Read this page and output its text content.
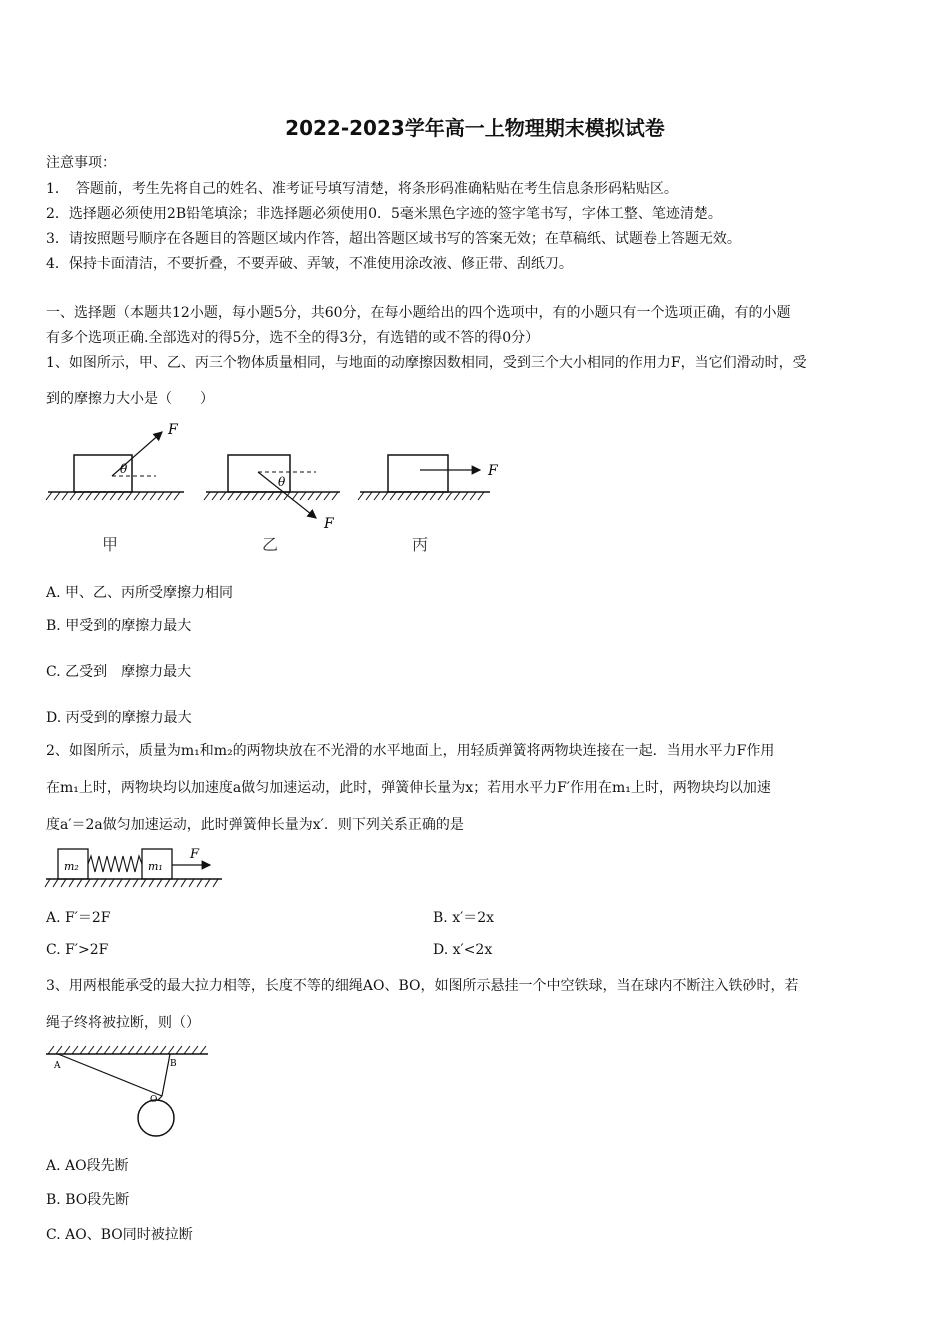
2022-2023学年高一上物理期末模拟试卷
注意事项：
1．　答题前，考生先将自己的姓名、准考证号填写清楚，将条形码准确粘贴在考生信息条形码粘贴区。
2．选择题必须使用2B铅笔填涂；非选择题必须使用0．5毫米黑色字迹的签字笔书写，字体工整、笔迹清楚。
3．请按照题号顺序在各题目的答题区域内作答，超出答题区域书写的答案无效；在草稿纸、试题卷上答题无效。
4．保持卡面清洁，不要折叠，不要弄破、弄皱，不准使用涂改液、修正带、刮纸刀。
一、选择题（本题共12小题，每小题5分，共60分，在每小题给出的四个选项中，有的小题只有一个选项正确，有的小题
有多个选项正确.全部选对的得5分，选不全的得3分，有选错的或不答的得0分）
1、如图所示，甲、乙、丙三个物体质量相同，与地面的动摩擦因数相同，受到三个大小相同的作用力F，当它们滑动时，受
到的摩擦力大小是（　　）
F
θ
F
θ
F
甲	乙	丙
A. 甲、乙、丙所受摩擦力相同
B. 甲受到的摩擦力最大
C. 乙受到　摩擦力最大
D. 丙受到的摩擦力最大
2、如图所示，质量为m₁和m₂的两物块放在不光滑的水平地面上，用轻质弹簧将两物块连接在一起．当用水平力F作用
在m₁上时，两物块均以加速度a做匀加速运动，此时，弹簧伸长量为x；若用水平力F′作用在m₁上时，两物块均以加速
度a′＝2a做匀加速运动，此时弹簧伸长量为x′．则下列关系正确的是
m₂	m₁
F
A. F′＝2F	B. x′＝2x
C. F′>2F	D. x′<2x
3、用两根能承受的最大拉力相等，长度不等的细绳AO、BO，如图所示悬挂一个中空铁球，当在球内不断注入铁砂时，若
绳子终将被拉断，则（）
A	B
O
A. AO段先断
B. BO段先断
C. AO、BO同时被拉断
